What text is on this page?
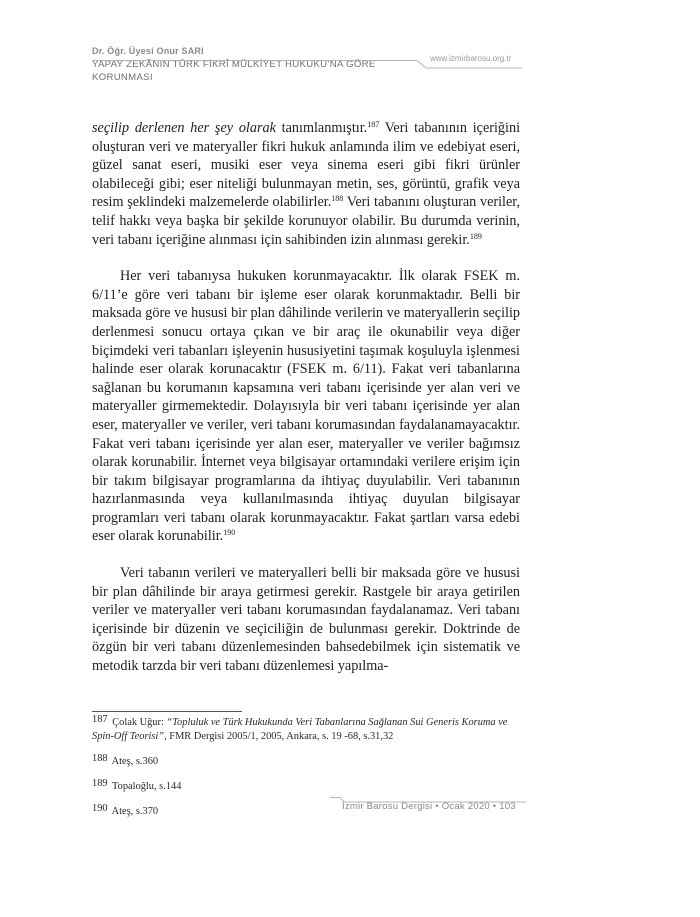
Dr. Öğr. Üyesi Onur SARI
YAPAY ZEKÂNIN TÜRK FİKRÎ MÜLKİYET HUKUKU’NA GÖRE KORUNMASI
www.izmirbarosu.org.tr

seçilip derlenen her şey olarak tanımlanmıştır.$^{187}$ Veri tabanının içeriğini oluşturan veri ve materyaller fikri hukuk anlamında ilim ve edebiyat eseri, güzel sanat eseri, musiki eser veya sinema eseri gibi fikri ürünler olabileceği gibi; eser niteliği bulunmayan metin, ses, görüntü, grafik veya resim şeklindeki malzemelerde olabilirler.$^{188}$ Veri tabanını oluşturan veriler, telif hakkı veya başka bir şekilde korunuyor olabilir. Bu durumda verinin, veri tabanı içeriğine alınması için sahibinden izin alınması gerekir.$^{189}$

Her veri tabanıysa hukuken korunmayacaktır. İlk olarak FSEK m. 6/11’e göre veri tabanı bir işleme eser olarak korunmaktadır. Belli bir maksada göre ve hususi bir plan dâhilinde verilerin ve materyallerin seçilip derlenmesi sonucu ortaya çıkan ve bir araç ile okunabilir veya diğer biçimdeki veri tabanları işleyenin hususiyetini taşımak koşuluyla işlenmesi halinde eser olarak korunacaktır (FSEK m. 6/11). Fakat veri tabanlarına sağlanan bu korumanın kapsamına veri tabanı içerisinde yer alan veri ve materyaller girmemektedir. Dolayısıyla bir veri tabanı içerisinde yer alan eser, materyaller ve veriler, veri tabanı korumasından faydalanamayacaktır. Fakat veri tabanı içerisinde yer alan eser, materyaller ve veriler bağımsız olarak korunabilir. İnternet veya bilgisayar ortamındaki verilere erişim için bir takım bilgisayar programlarına da ihtiyaç duyulabilir. Veri tabanının hazırlanmasında veya kullanılmasında ihtiyaç duyulan bilgisayar programları veri tabanı olarak korunmayacaktır. Fakat şartları varsa edebi eser olarak korunabilir.$^{190}$

Veri tabanın verileri ve materyalleri belli bir maksada göre ve hususi bir plan dâhilinde bir araya getirmesi gerekir. Rastgele bir araya getirilen veriler ve materyaller veri tabanı korumasından faydalanamaz. Veri tabanı içerisinde bir düzenin ve seçiciliğin de bulunması gerekir. Doktrinde de özgün bir veri tabanı düzenlemesinden bahsedebilmek için sistematik ve metodik tarzda bir veri tabanı düzenlemesi yapılma-

187 Çolak Uğur: “Topluluk ve Türk Hukukunda Veri Tabanlarına Sağlanan Sui Generis Koruma ve Spin-Off Teorisi”, FMR Dergisi 2005/1, 2005, Ankara, s. 19 -68, s.31,32
188 Ateş, s.360
189 Topaloğlu, s.144
190 Ateş, s.370	İzmir Barosu Dergisi • Ocak 2020 • 103
